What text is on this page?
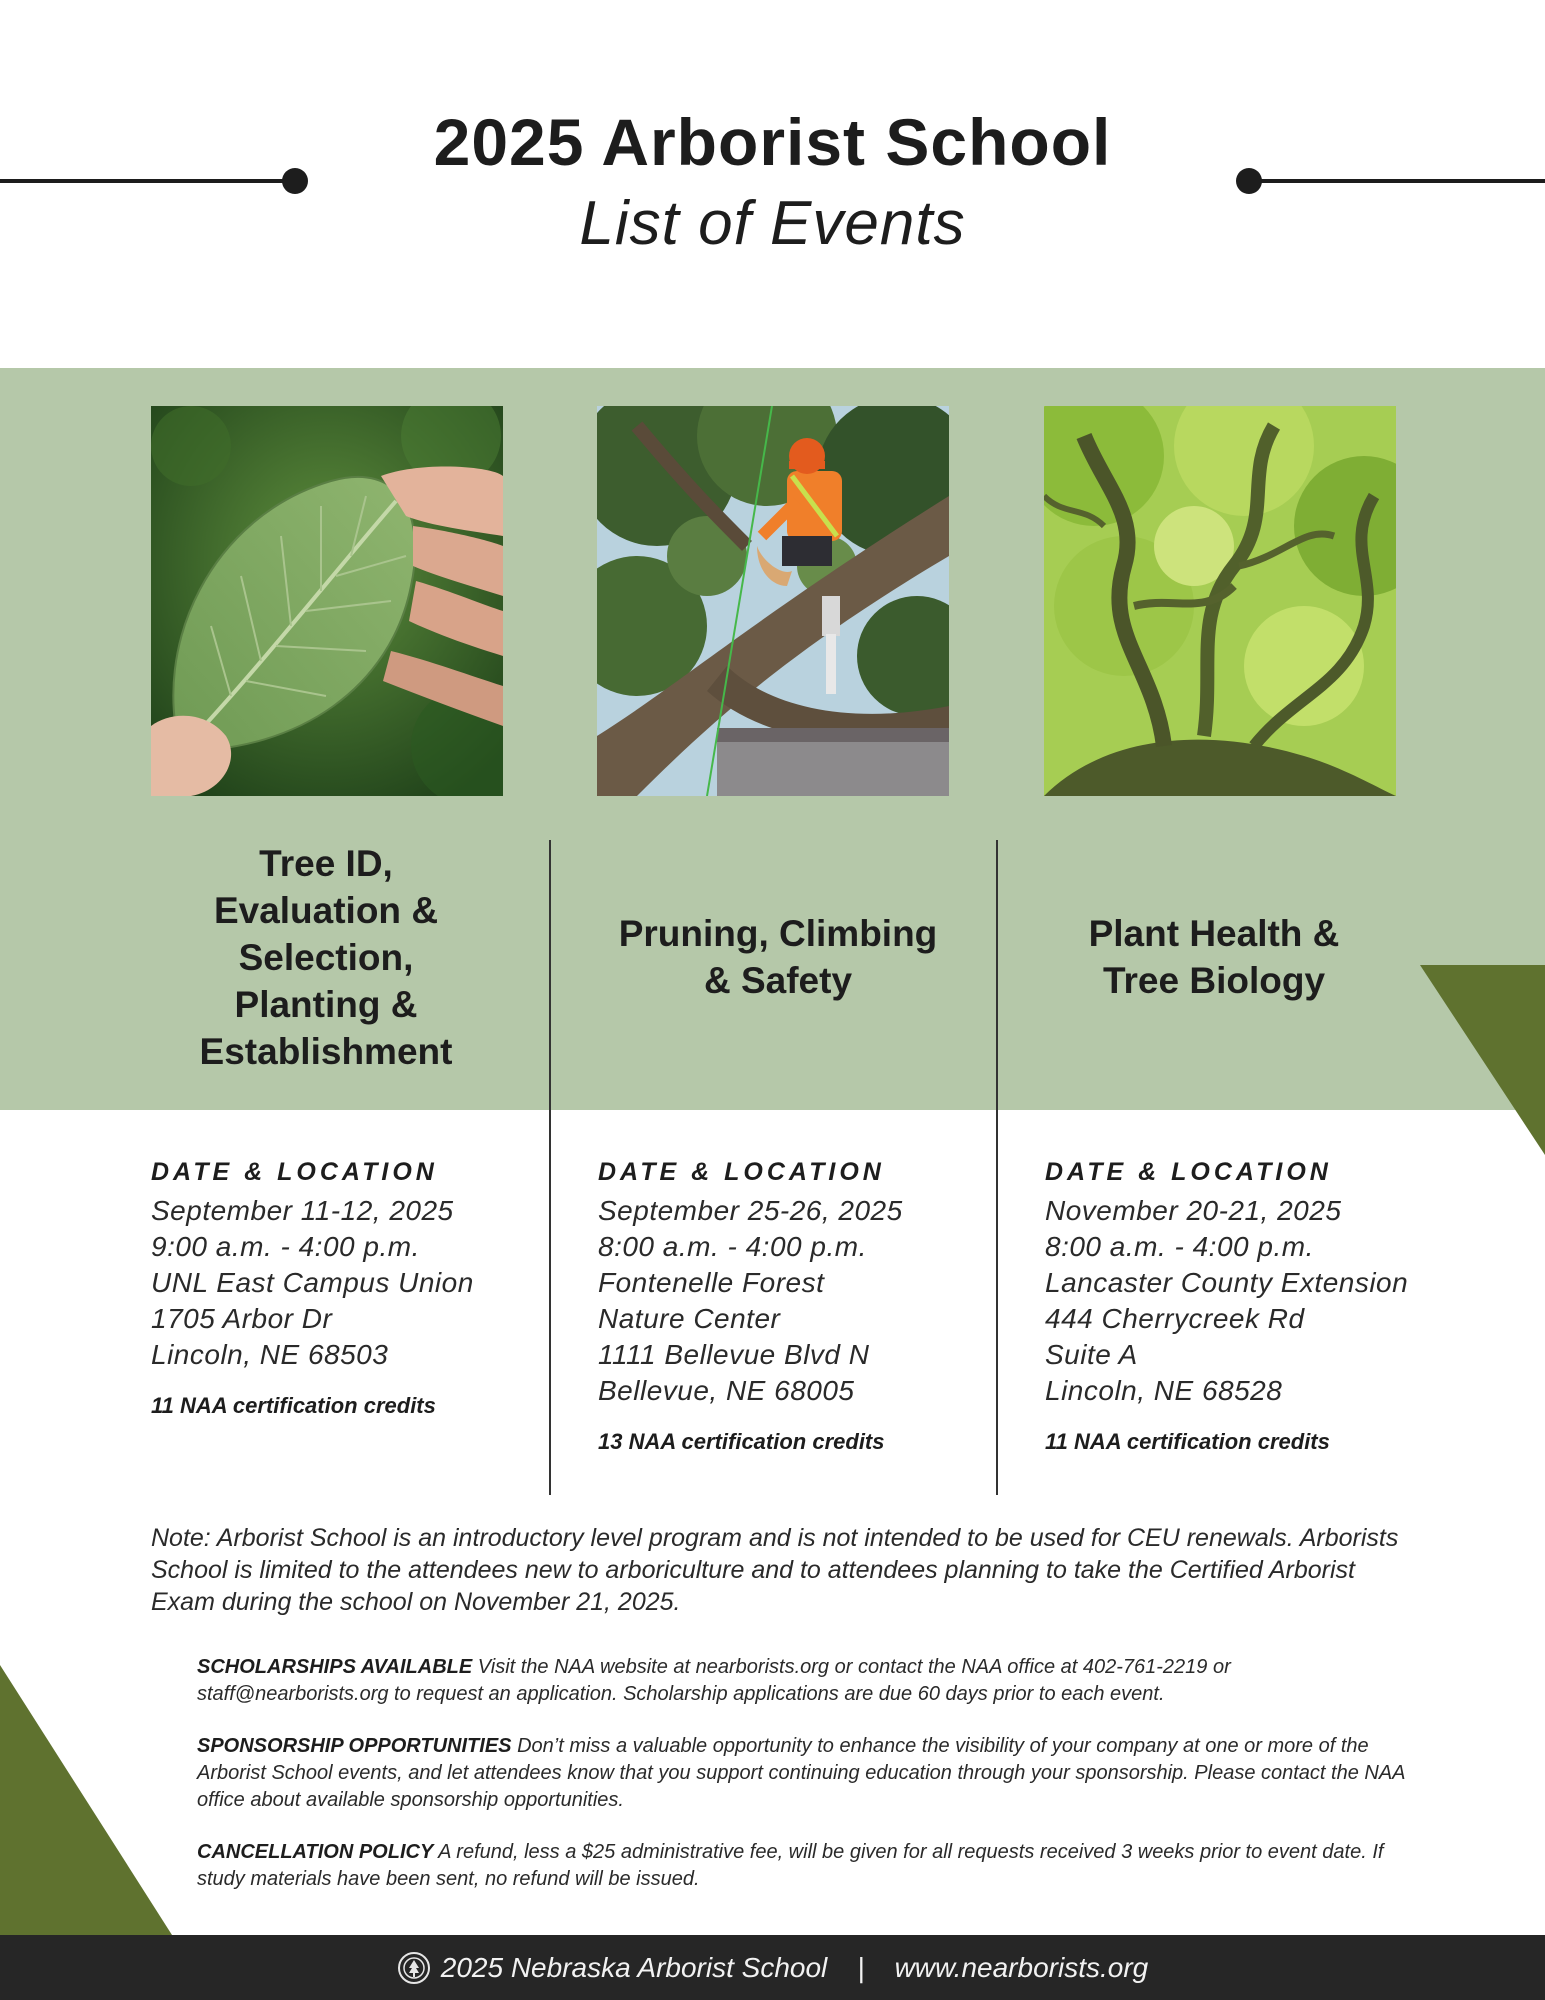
2025 Arborist School
List of Events
Tree ID,
Evaluation &
Selection,
Planting &
Establishment
Pruning, Climbing
& Safety
Plant Health &
Tree Biology
DATE & LOCATION
September 11-12, 2025
9:00 a.m. - 4:00 p.m.
UNL East Campus Union
1705 Arbor Dr
Lincoln, NE 68503
11 NAA certification credits
DATE & LOCATION
September 25-26, 2025
8:00 a.m. - 4:00 p.m.
Fontenelle Forest
Nature Center
1111 Bellevue Blvd N
Bellevue, NE 68005
13 NAA certification credits
DATE & LOCATION
November 20-21, 2025
8:00 a.m. - 4:00 p.m.
Lancaster County Extension
444 Cherrycreek Rd
Suite A
Lincoln, NE 68528
11 NAA certification credits

Note: Arborist School is an introductory level program and is not intended to be used for CEU renewals. Arborists School is limited to the attendees new to arboriculture and to attendees planning to take the Certified Arborist Exam during the school on November 21, 2025.

SCHOLARSHIPS AVAILABLE Visit the NAA website at nearborists.org or contact the NAA office at 402-761-2219 or staff@nearborists.org to request an application. Scholarship applications are due 60 days prior to each event.

SPONSORSHIP OPPORTUNITIES Don’t miss a valuable opportunity to enhance the visibility of your company at one or more of the Arborist School events, and let attendees know that you support continuing education through your sponsorship. Please contact the NAA office about available sponsorship opportunities.

CANCELLATION POLICY A refund, less a $25 administrative fee, will be given for all requests received 3 weeks prior to event date. If study materials have been sent, no refund will be issued.

2025 Nebraska Arborist School | www.nearborists.org
